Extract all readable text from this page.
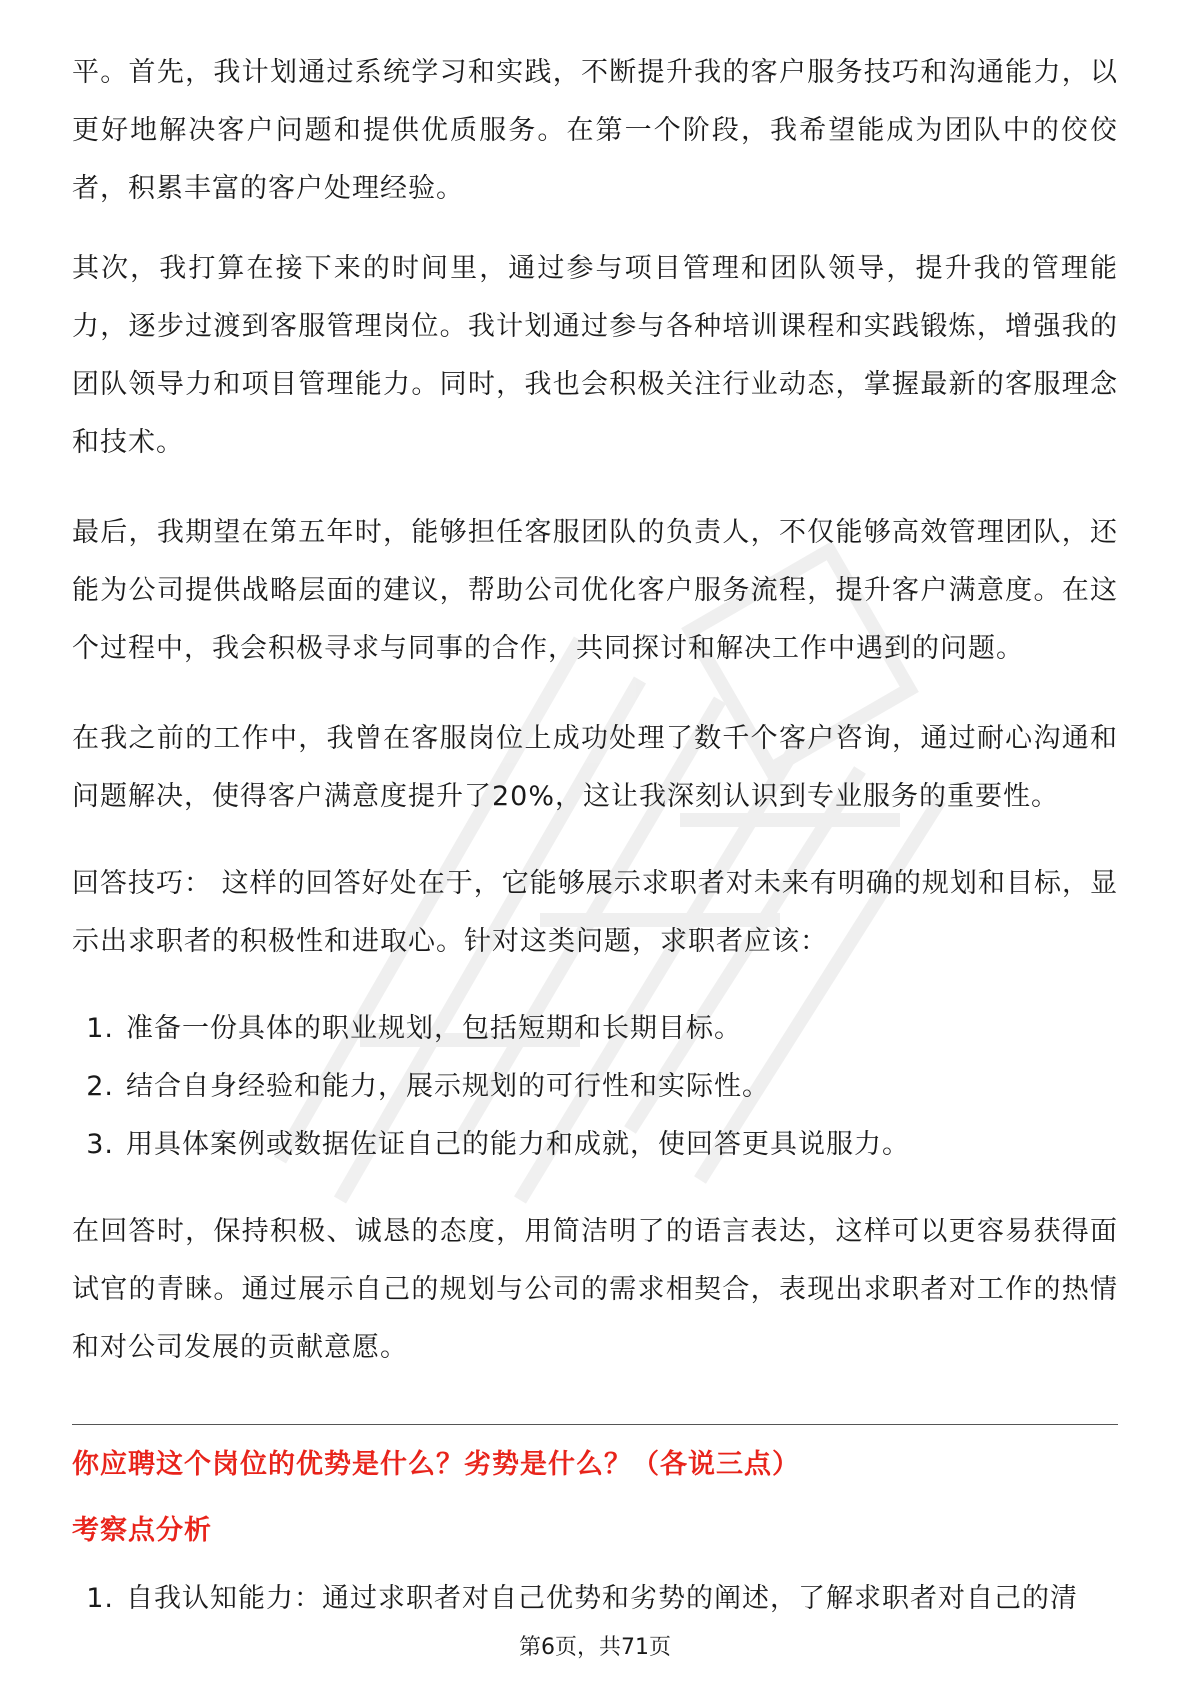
平。首先，我计划通过系统学习和实践，不断提升我的客户服务技巧和沟通能力，以更好地解决客户问题和提供优质服务。在第一个阶段，我希望能成为团队中的佼佼者，积累丰富的客户处理经验。

其次，我打算在接下来的时间里，通过参与项目管理和团队领导，提升我的管理能力，逐步过渡到客服管理岗位。我计划通过参与各种培训课程和实践锻炼，增强我的团队领导力和项目管理能力。同时，我也会积极关注行业动态，掌握最新的客服理念和技术。

最后，我期望在第五年时，能够担任客服团队的负责人，不仅能够高效管理团队，还能为公司提供战略层面的建议，帮助公司优化客户服务流程，提升客户满意度。在这个过程中，我会积极寻求与同事的合作，共同探讨和解决工作中遇到的问题。

在我之前的工作中，我曾在客服岗位上成功处理了数千个客户咨询，通过耐心沟通和问题解决，使得客户满意度提升了20%，这让我深刻认识到专业服务的重要性。

回答技巧： 这样的回答好处在于，它能够展示求职者对未来有明确的规划和目标，显示出求职者的积极性和进取心。针对这类问题，求职者应该：

1. 准备一份具体的职业规划，包括短期和长期目标。
2. 结合自身经验和能力，展示规划的可行性和实际性。
3. 用具体案例或数据佐证自己的能力和成就，使回答更具说服力。

在回答时，保持积极、诚恳的态度，用简洁明了的语言表达，这样可以更容易获得面试官的青睐。通过展示自己的规划与公司的需求相契合，表现出求职者对工作的热情和对公司发展的贡献意愿。

你应聘这个岗位的优势是什么？劣势是什么？（各说三点）
考察点分析
1. 自我认知能力：通过求职者对自己优势和劣势的阐述，了解求职者对自己的清
第6页，共71页
